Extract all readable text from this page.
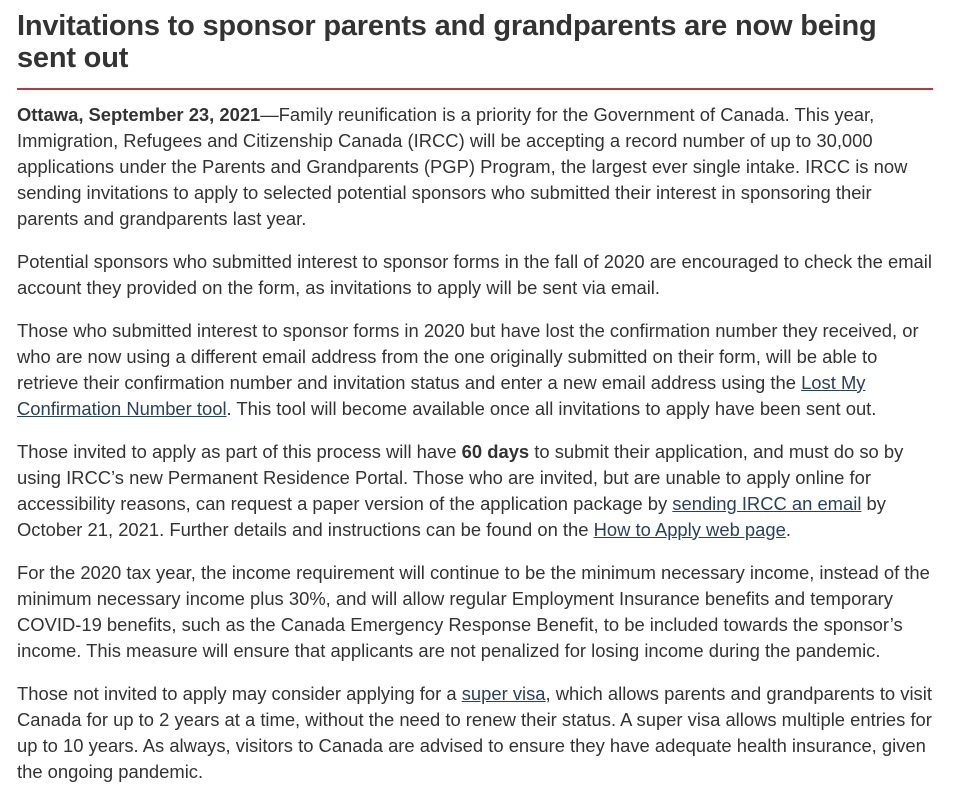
Invitations to sponsor parents and grandparents are now being sent out

Ottawa, September 23, 2021—Family reunification is a priority for the Government of Canada. This year, Immigration, Refugees and Citizenship Canada (IRCC) will be accepting a record number of up to 30,000 applications under the Parents and Grandparents (PGP) Program, the largest ever single intake. IRCC is now sending invitations to apply to selected potential sponsors who submitted their interest in sponsoring their parents and grandparents last year.

Potential sponsors who submitted interest to sponsor forms in the fall of 2020 are encouraged to check the email account they provided on the form, as invitations to apply will be sent via email.

Those who submitted interest to sponsor forms in 2020 but have lost the confirmation number they received, or who are now using a different email address from the one originally submitted on their form, will be able to retrieve their confirmation number and invitation status and enter a new email address using the Lost My Confirmation Number tool. This tool will become available once all invitations to apply have been sent out.

Those invited to apply as part of this process will have 60 days to submit their application, and must do so by using IRCC’s new Permanent Residence Portal. Those who are invited, but are unable to apply online for accessibility reasons, can request a paper version of the application package by sending IRCC an email by October 21, 2021. Further details and instructions can be found on the How to Apply web page.

For the 2020 tax year, the income requirement will continue to be the minimum necessary income, instead of the minimum necessary income plus 30%, and will allow regular Employment Insurance benefits and temporary COVID-19 benefits, such as the Canada Emergency Response Benefit, to be included towards the sponsor’s income. This measure will ensure that applicants are not penalized for losing income during the pandemic.

Those not invited to apply may consider applying for a super visa, which allows parents and grandparents to visit Canada for up to 2 years at a time, without the need to renew their status. A super visa allows multiple entries for up to 10 years. As always, visitors to Canada are advised to ensure they have adequate health insurance, given the ongoing pandemic.
